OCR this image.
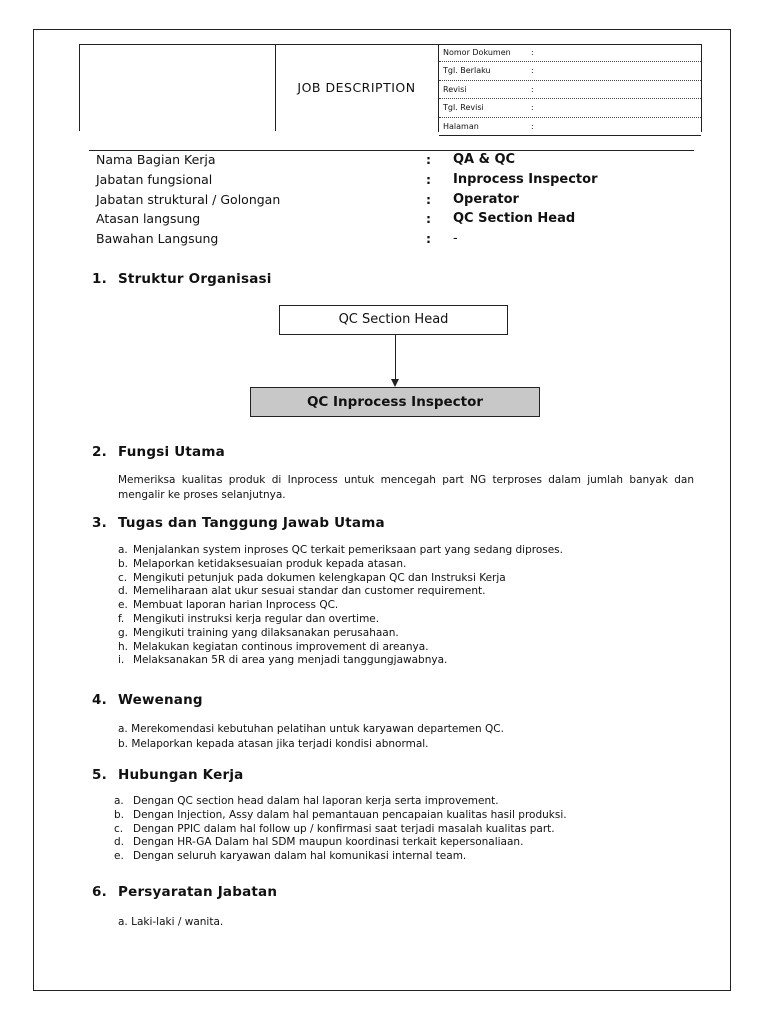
JOB DESCRIPTION
Nomor Dokumen	:
Tgl. Berlaku	:
Revisi	:
Tgl. Revisi	:
Halaman	:
Nama Bagian Kerja	: QA & QC
Jabatan fungsional	: Inprocess Inspector
Jabatan struktural / Golongan	: Operator
Atasan langsung	: QC Section Head
Bawahan Langsung	: -
1. Struktur Organisasi
QC Section Head
QC Inprocess Inspector
2. Fungsi Utama
Memeriksa kualitas produk di Inprocess untuk mencegah part NG terproses dalam jumlah banyak dan mengalir ke proses selanjutnya.
3. Tugas dan Tanggung Jawab Utama
a. Menjalankan system inproses QC terkait pemeriksaan part yang sedang diproses.
b. Melaporkan ketidaksesuaian produk kepada atasan.
c. Mengikuti petunjuk pada dokumen kelengkapan QC dan Instruksi Kerja
d. Memeliharaan alat ukur sesuai standar dan customer requirement.
e. Membuat laporan harian Inprocess QC.
f. Mengikuti instruksi kerja regular dan overtime.
g. Mengikuti training yang dilaksanakan perusahaan.
h. Melakukan kegiatan continous improvement di areanya.
i. Melaksanakan 5R di area yang menjadi tanggungjawabnya.
4. Wewenang
a. Merekomendasi kebutuhan pelatihan untuk karyawan departemen QC.
b. Melaporkan kepada atasan jika terjadi kondisi abnormal.
5. Hubungan Kerja
a. Dengan QC section head dalam hal laporan kerja serta improvement.
b. Dengan Injection, Assy dalam hal pemantauan pencapaian kualitas hasil produksi.
c. Dengan PPIC dalam hal follow up / konfirmasi saat terjadi masalah kualitas part.
d. Dengan HR-GA Dalam hal SDM maupun koordinasi terkait kepersonaliaan.
e. Dengan seluruh karyawan dalam hal komunikasi internal team.
6. Persyaratan Jabatan
a. Laki-laki / wanita.
